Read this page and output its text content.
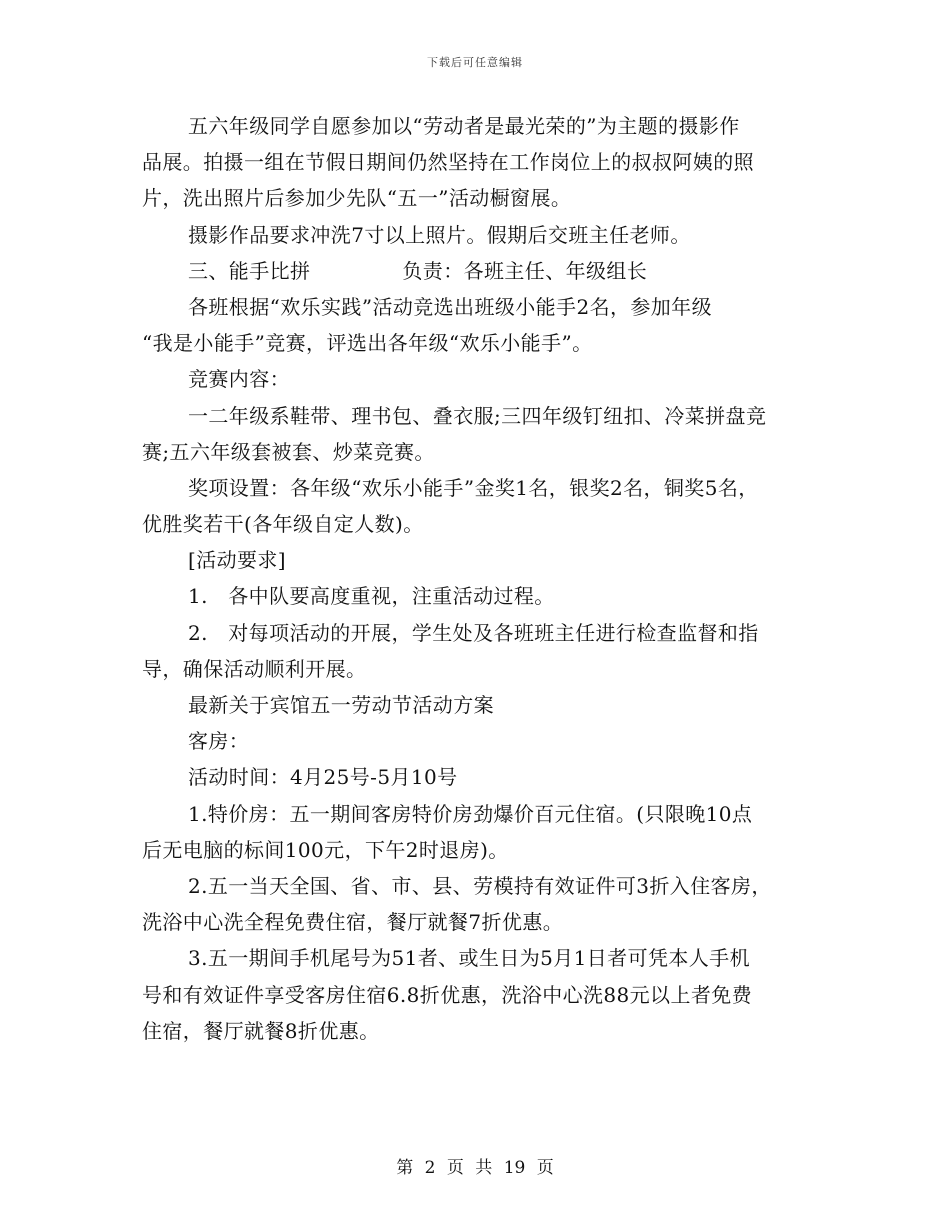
下载后可任意编辑
五六年级同学自愿参加以“劳动者是最光荣的”为主题的摄影作
品展。拍摄一组在节假日期间仍然坚持在工作岗位上的叔叔阿姨的照
片，洗出照片后参加少先队“五一”活动橱窗展。
摄影作品要求冲洗7寸以上照片。假期后交班主任老师。
三、能手比拼	负责：各班主任、年级组长
各班根据“欢乐实践”活动竞选出班级小能手2名，参加年级
“我是小能手”竞赛，评选出各年级“欢乐小能手”。
竞赛内容：
一二年级系鞋带、理书包、叠衣服;三四年级钉纽扣、冷菜拼盘竞
赛;五六年级套被套、炒菜竞赛。
奖项设置：各年级“欢乐小能手”金奖1名，银奖2名，铜奖5名，
优胜奖若干(各年级自定人数)。
[活动要求]
1.　各中队要高度重视，注重活动过程。
2.　对每项活动的开展，学生处及各班班主任进行检查监督和指
导，确保活动顺利开展。
最新关于宾馆五一劳动节活动方案
客房：
活动时间：4月25号-5月10号
1.特价房：五一期间客房特价房劲爆价百元住宿。(只限晚10点
后无电脑的标间100元，下午2时退房)。
2.五一当天全国、省、市、县、劳模持有效证件可3折入住客房，
洗浴中心洗全程免费住宿，餐厅就餐7折优惠。
3.五一期间手机尾号为51者、或生日为5月1日者可凭本人手机
号和有效证件享受客房住宿6.8折优惠，洗浴中心洗88元以上者免费
住宿，餐厅就餐8折优惠。
第 2 页 共 19 页
